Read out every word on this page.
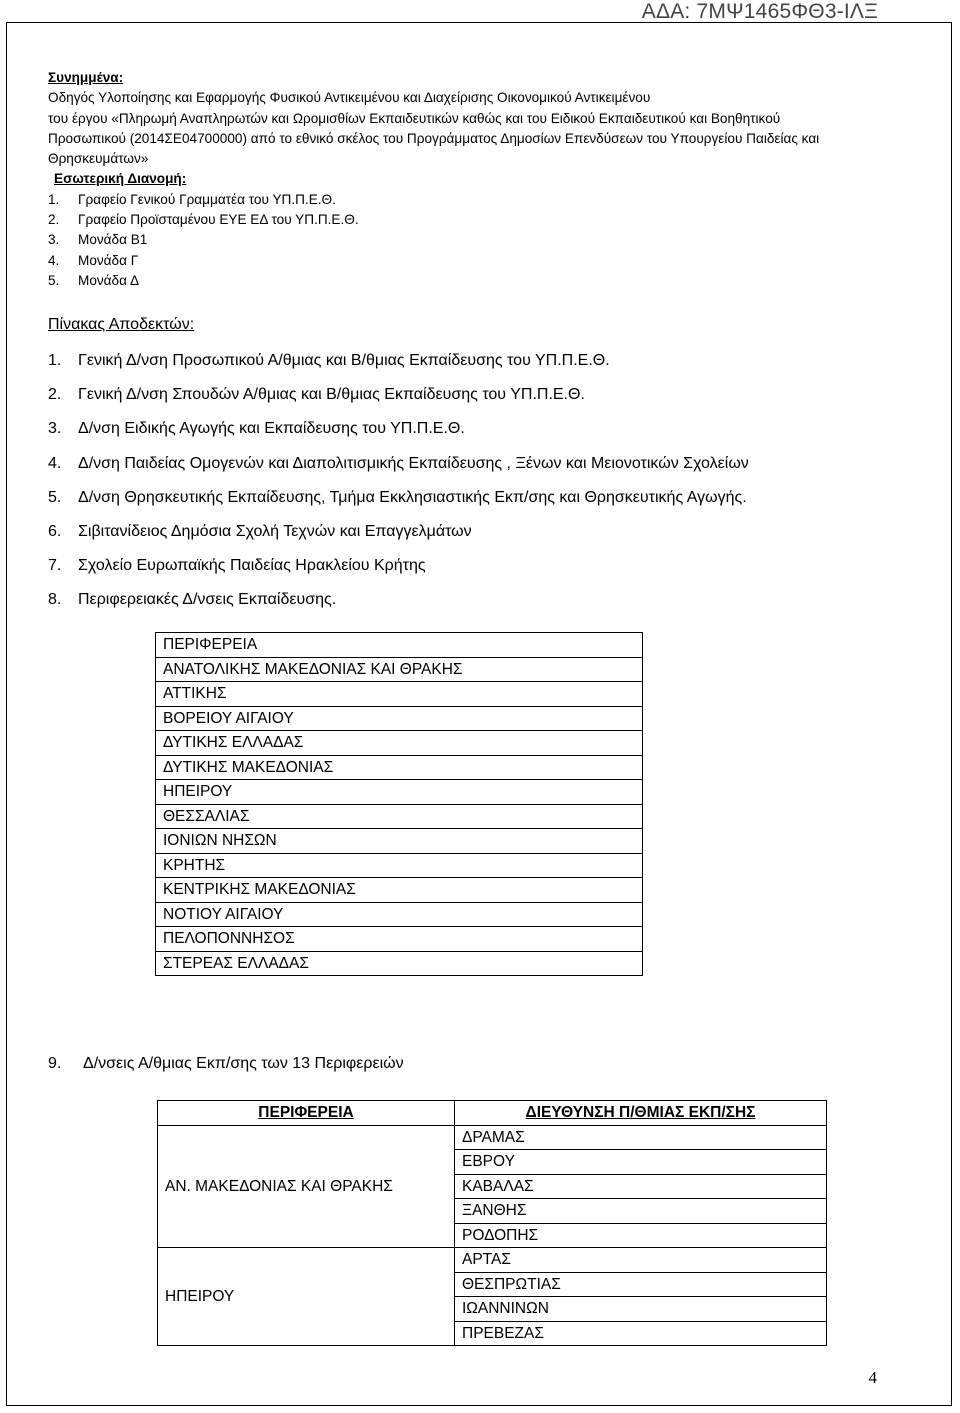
ΑΔΑ: 7ΜΨ1465ΦΘ3-ΙΛΞ
Συνημμένα:
Οδηγός Υλοποίησης και Εφαρμογής Φυσικού Αντικειμένου και Διαχείρισης Οικονομικού Αντικειμένου
του έργου «Πληρωμή Αναπληρωτών και Ωρομισθίων Εκπαιδευτικών καθώς και του Ειδικού Εκπαιδευτικού και Βοηθητικού
Προσωπικού (2014ΣΕ04700000) από το εθνικό σκέλος του Προγράμματος Δημοσίων Επενδύσεων του Υπουργείου Παιδείας και
Θρησκευμάτων»
Εσωτερική Διανομή:
1.	Γραφείο Γενικού Γραμματέα του ΥΠ.Π.Ε.Θ.
2.	Γραφείο Προϊσταμένου ΕΥΕ ΕΔ του ΥΠ.Π.Ε.Θ.
3.	Μονάδα Β1
4.	Μονάδα Γ
5.	Μονάδα Δ
Πίνακας Αποδεκτών:
1.	Γενική Δ/νση Προσωπικού Α/θμιας και Β/θμιας Εκπαίδευσης του ΥΠ.Π.Ε.Θ.
2.	Γενική Δ/νση Σπουδών Α/θμιας και Β/θμιας Εκπαίδευσης του ΥΠ.Π.Ε.Θ.
3.	Δ/νση Ειδικής Αγωγής και Εκπαίδευσης του ΥΠ.Π.Ε.Θ.
4.	Δ/νση Παιδείας Ομογενών και Διαπολιτισμικής Εκπαίδευσης , Ξένων και Μειονοτικών Σχολείων
5.	Δ/νση Θρησκευτικής Εκπαίδευσης, Τμήμα Εκκλησιαστικής Εκπ/σης και Θρησκευτικής Αγωγής.
6.	Σιβιτανίδειος Δημόσια Σχολή Τεχνών και Επαγγελμάτων
7.	Σχολείο Ευρωπαϊκής Παιδείας Ηρακλείου Κρήτης
8.	Περιφερειακές Δ/νσεις Εκπαίδευσης.
ΠΕΡΙΦΕΡΕΙΑ
ΑΝΑΤΟΛΙΚΗΣ ΜΑΚΕΔΟΝΙΑΣ ΚΑΙ ΘΡΑΚΗΣ
ΑΤΤΙΚΗΣ
ΒΟΡΕΙΟΥ ΑΙΓΑΙΟΥ
ΔΥΤΙΚΗΣ ΕΛΛΑΔΑΣ
ΔΥΤΙΚΗΣ ΜΑΚΕΔΟΝΙΑΣ
ΗΠΕΙΡΟΥ
ΘΕΣΣΑΛΙΑΣ
ΙΟΝΙΩΝ ΝΗΣΩΝ
ΚΡΗΤΗΣ
ΚΕΝΤΡΙΚΗΣ ΜΑΚΕΔΟΝΙΑΣ
ΝΟΤΙΟΥ ΑΙΓΑΙΟΥ
ΠΕΛΟΠΟΝΝΗΣΟΣ
ΣΤΕΡΕΑΣ ΕΛΛΑΔΑΣ
9.	Δ/νσεις Α/θμιας Εκπ/σης των 13 Περιφερειών
ΠΕΡΙΦΕΡΕΙΑ	ΔΙΕΥΘΥΝΣΗ Π/ΘΜΙΑΣ ΕΚΠ/ΣΗΣ
ΑΝ. ΜΑΚΕΔΟΝΙΑΣ ΚΑΙ ΘΡΑΚΗΣ	ΔΡΑΜΑΣ
	ΕΒΡΟΥ
	ΚΑΒΑΛΑΣ
	ΞΑΝΘΗΣ
	ΡΟΔΟΠΗΣ
ΗΠΕΙΡΟΥ	ΑΡΤΑΣ
	ΘΕΣΠΡΩΤΙΑΣ
	ΙΩΑΝΝΙΝΩΝ
	ΠΡΕΒΕΖΑΣ
4
